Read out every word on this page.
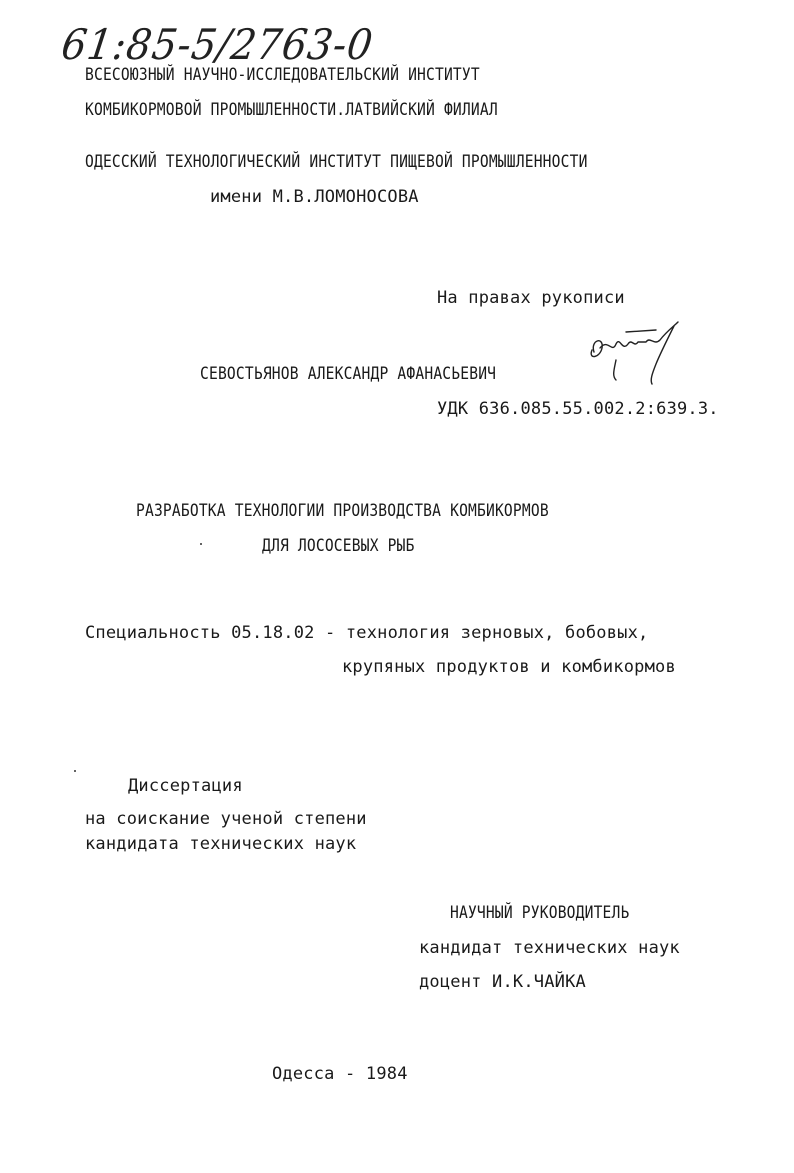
61:85-5/2763-0
ВСЕСОЮЗНЫЙ НАУЧНО-ИССЛЕДОВАТЕЛЬСКИЙ ИНСТИТУТ
КОМБИКОРМОВОЙ ПРОМЫШЛЕННОСТИ.ЛАТВИЙСКИЙ ФИЛИАЛ
ОДЕССКИЙ ТЕХНОЛОГИЧЕСКИЙ ИНСТИТУТ ПИЩЕВОЙ ПРОМЫШЛЕННОСТИ
имени М.В.ЛОМОНОСОВА
На правах рукописи
СЕВОСТЬЯНОВ АЛЕКСАНДР АФАНАСЬЕВИЧ
УДК 636.085.55.002.2:639.3.
РАЗРАБОТКА ТЕХНОЛОГИИ ПРОИЗВОДСТВА КОМБИКОРМОВ
ДЛЯ ЛОСОСЕВЫХ РЫБ
Специальность 05.18.02 - технология зерновых, бобовых,
крупяных продуктов и комбикормов
Диссертация
на соискание ученой степени
кандидата технических наук
НАУЧНЫЙ РУКОВОДИТЕЛЬ
кандидат технических наук
доцент И.К.ЧАЙКА
Одесса - 1984
